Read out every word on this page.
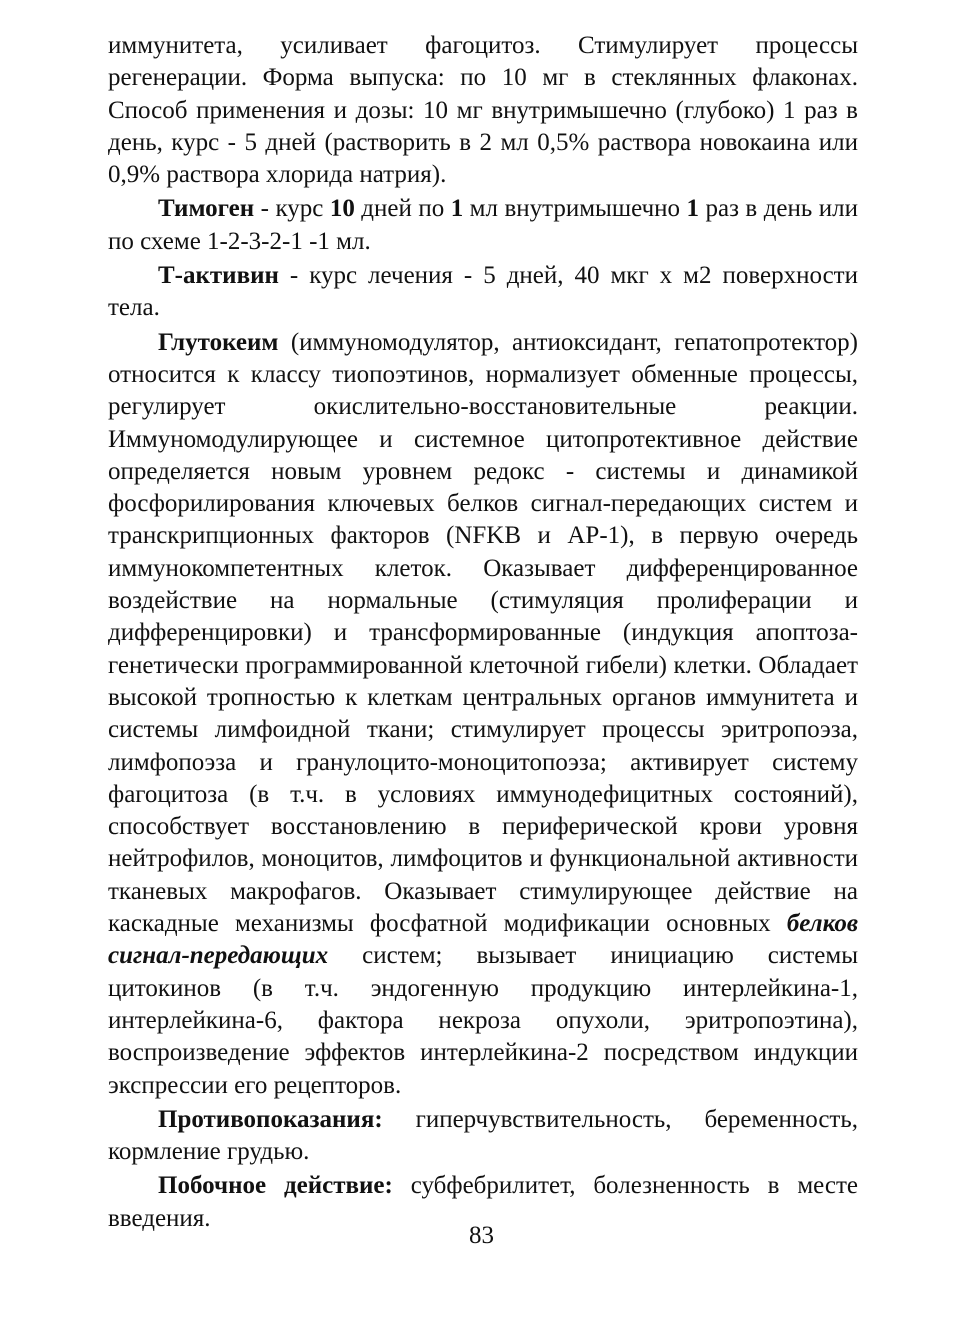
иммунитета, усиливает фагоцитоз. Стимулирует процессы регенерации. Форма выпуска: по 10 мг в стеклянных флаконах. Способ применения и дозы: 10 мг внутримышечно (глубоко) 1 раз в день, курс - 5 дней (растворить в 2 мл 0,5% раствора новокаина или 0,9% раствора хлорида натрия).

Тимоген - курс 10 дней по 1 мл внутримышечно 1 раз в день или по схеме 1-2-3-2-1 -1 мл.

Т-активин - курс лечения - 5 дней, 40 мкг х м2 поверхности тела.

Глутокеим (иммуномодулятор, антиоксидант, гепатопротектор) относится к классу тиопоэтинов, нормализует обменные процессы, регулирует окислительно-восстановительные реакции. Иммуномодулирующее и системное цитопротективное действие определяется новым уровнем редокс - системы и динамикой фосфорилирования ключевых белков сигнал-передающих систем и транскрипционных факторов (NFKB и AP-1), в первую очередь иммунокомпетентных клеток. Оказывает дифференцированное воздействие на нормальные (стимуляция пролиферации и дифференцировки) и трансформированные (индукция апоптоза- генетически программированной клеточной гибели) клетки. Обладает высокой тропностью к клеткам центральных органов иммунитета и системы лимфоидной ткани; стимулирует процессы эритропоэза, лимфопоэза и гранулоцито-моноцитопоэза; активирует систему фагоцитоза (в т.ч. в условиях иммунодефицитных состояний), способствует восстановлению в периферической крови уровня нейтрофилов, моноцитов, лимфоцитов и функциональной активности тканевых макрофагов. Оказывает стимулирующее действие на каскадные механизмы фосфатной модификации основных белков сигнал-передающих систем; вызывает инициацию системы цитокинов (в т.ч. эндогенную продукцию интерлейкина-1, интерлейкина-6, фактора некроза опухоли, эритропоэтина), воспроизведение эффектов интерлейкина-2 посредством индукции экспрессии его рецепторов.

Противопоказания: гиперчувствительность, беременность, кормление грудью.

Побочное действие: субфебрилитет, болезненность в месте введения.

83
